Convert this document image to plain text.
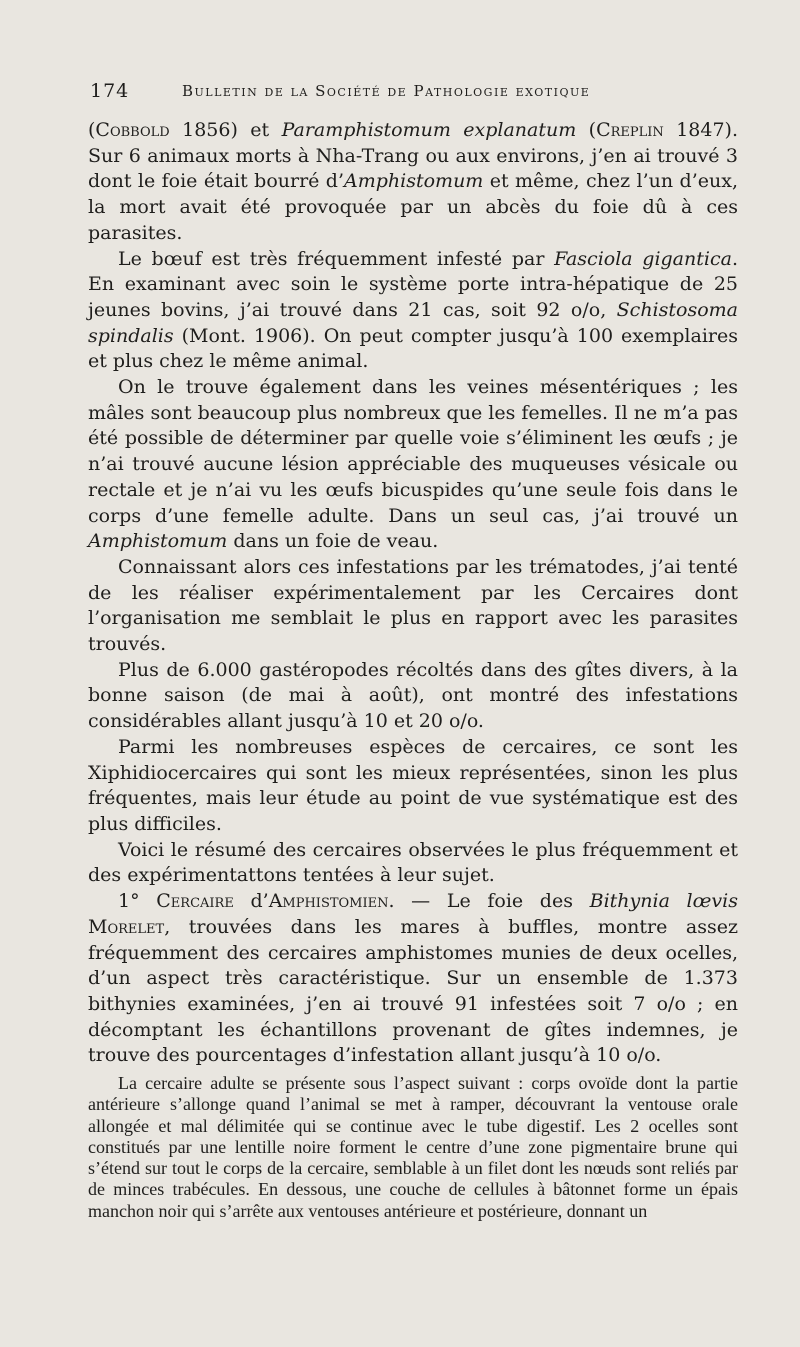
174	Bulletin de la Société de Pathologie exotique

(Cobbold 1856) et Paramphistomum explanatum (Creplin 1847). Sur 6 animaux morts à Nha-Trang ou aux environs, j’en ai trouvé 3 dont le foie était bourré d’Amphistomum et même, chez l’un d’eux, la mort avait été provoquée par un abcès du foie dû à ces parasites.

Le bœuf est très fréquemment infesté par Fasciola gigantica. En examinant avec soin le système porte intra-hépatique de 25 jeunes bovins, j’ai trouvé dans 21 cas, soit 92 o/o, Schistosoma spindalis (Mont. 1906). On peut compter jusqu’à 100 exemplaires et plus chez le même animal.

On le trouve également dans les veines mésentériques ; les mâles sont beaucoup plus nombreux que les femelles. Il ne m’a pas été possible de déterminer par quelle voie s’éliminent les œufs ; je n’ai trouvé aucune lésion appréciable des muqueuses vésicale ou rectale et je n’ai vu les œufs bicuspides qu’une seule fois dans le corps d’une femelle adulte. Dans un seul cas, j’ai trouvé un Amphistomum dans un foie de veau.

Connaissant alors ces infestations par les trématodes, j’ai tenté de les réaliser expérimentalement par les Cercaires dont l’organisation me semblait le plus en rapport avec les parasites trouvés.

Plus de 6.000 gastéropodes récoltés dans des gîtes divers, à la bonne saison (de mai à août), ont montré des infestations considérables allant jusqu’à 10 et 20 o/o.

Parmi les nombreuses espèces de cercaires, ce sont les Xiphidiocercaires qui sont les mieux représentées, sinon les plus fréquentes, mais leur étude au point de vue systématique est des plus difficiles.

Voici le résumé des cercaires observées le plus fréquemment et des expérimentattons tentées à leur sujet.

1° Cercaire d’Amphistomien. — Le foie des Bithynia lœvis Morelet, trouvées dans les mares à buffles, montre assez fréquemment des cercaires amphistomes munies de deux ocelles, d’un aspect très caractéristique. Sur un ensemble de 1.373 bithynies examinées, j’en ai trouvé 91 infestées soit 7 o/o ; en décomptant les échantillons provenant de gîtes indemnes, je trouve des pourcentages d’infestation allant jusqu’à 10 o/o.

La cercaire adulte se présente sous l’aspect suivant : corps ovoïde dont la partie antérieure s’allonge quand l’animal se met à ramper, découvrant la ventouse orale allongée et mal délimitée qui se continue avec le tube digestif. Les 2 ocelles sont constitués par une lentille noire forment le centre d’une zone pigmentaire brune qui s’étend sur tout le corps de la cercaire, semblable à un filet dont les nœuds sont reliés par de minces trabécules. En dessous, une couche de cellules à bâtonnet forme un épais manchon noir qui s’arrête aux ventouses antérieure et postérieure, donnant un
